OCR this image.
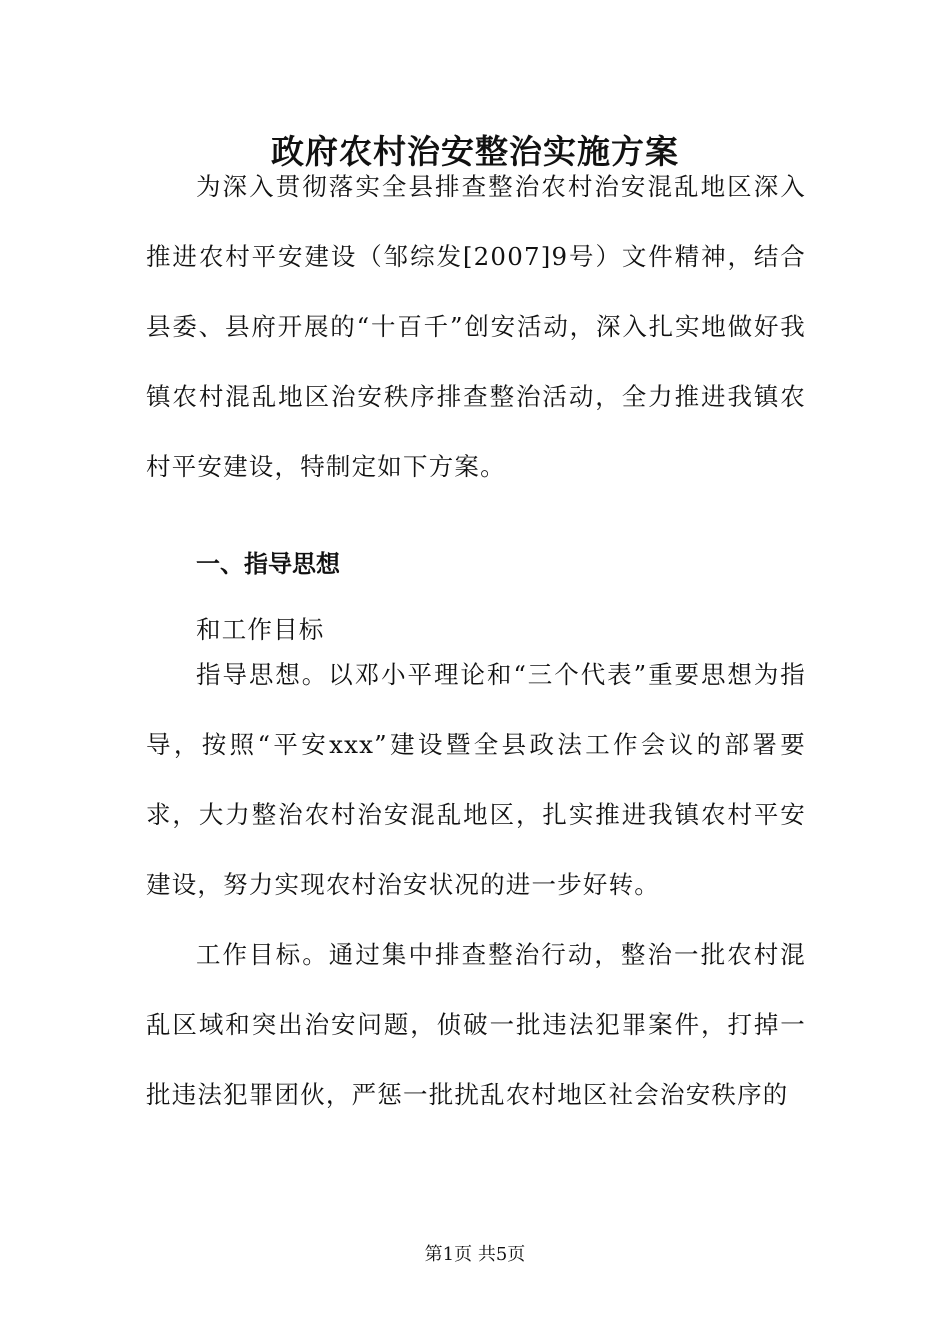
政府农村治安整治实施方案

为深入贯彻落实全县排查整治农村治安混乱地区深入推进农村平安建设（邹综发[2007]9号）文件精神，结合县委、县府开展的“十百千”创安活动，深入扎实地做好我镇农村混乱地区治安秩序排查整治活动，全力推进我镇农村平安建设，特制定如下方案。

一、指导思想
和工作目标

指导思想。以邓小平理论和“三个代表”重要思想为指导，按照“平安xxx”建设暨全县政法工作会议的部署要求，大力整治农村治安混乱地区，扎实推进我镇农村平安建设，努力实现农村治安状况的进一步好转。

工作目标。通过集中排查整治行动，整治一批农村混乱区域和突出治安问题，侦破一批违法犯罪案件，打掉一批违法犯罪团伙，严惩一批扰乱农村地区社会治安秩序的

第1页 共5页
